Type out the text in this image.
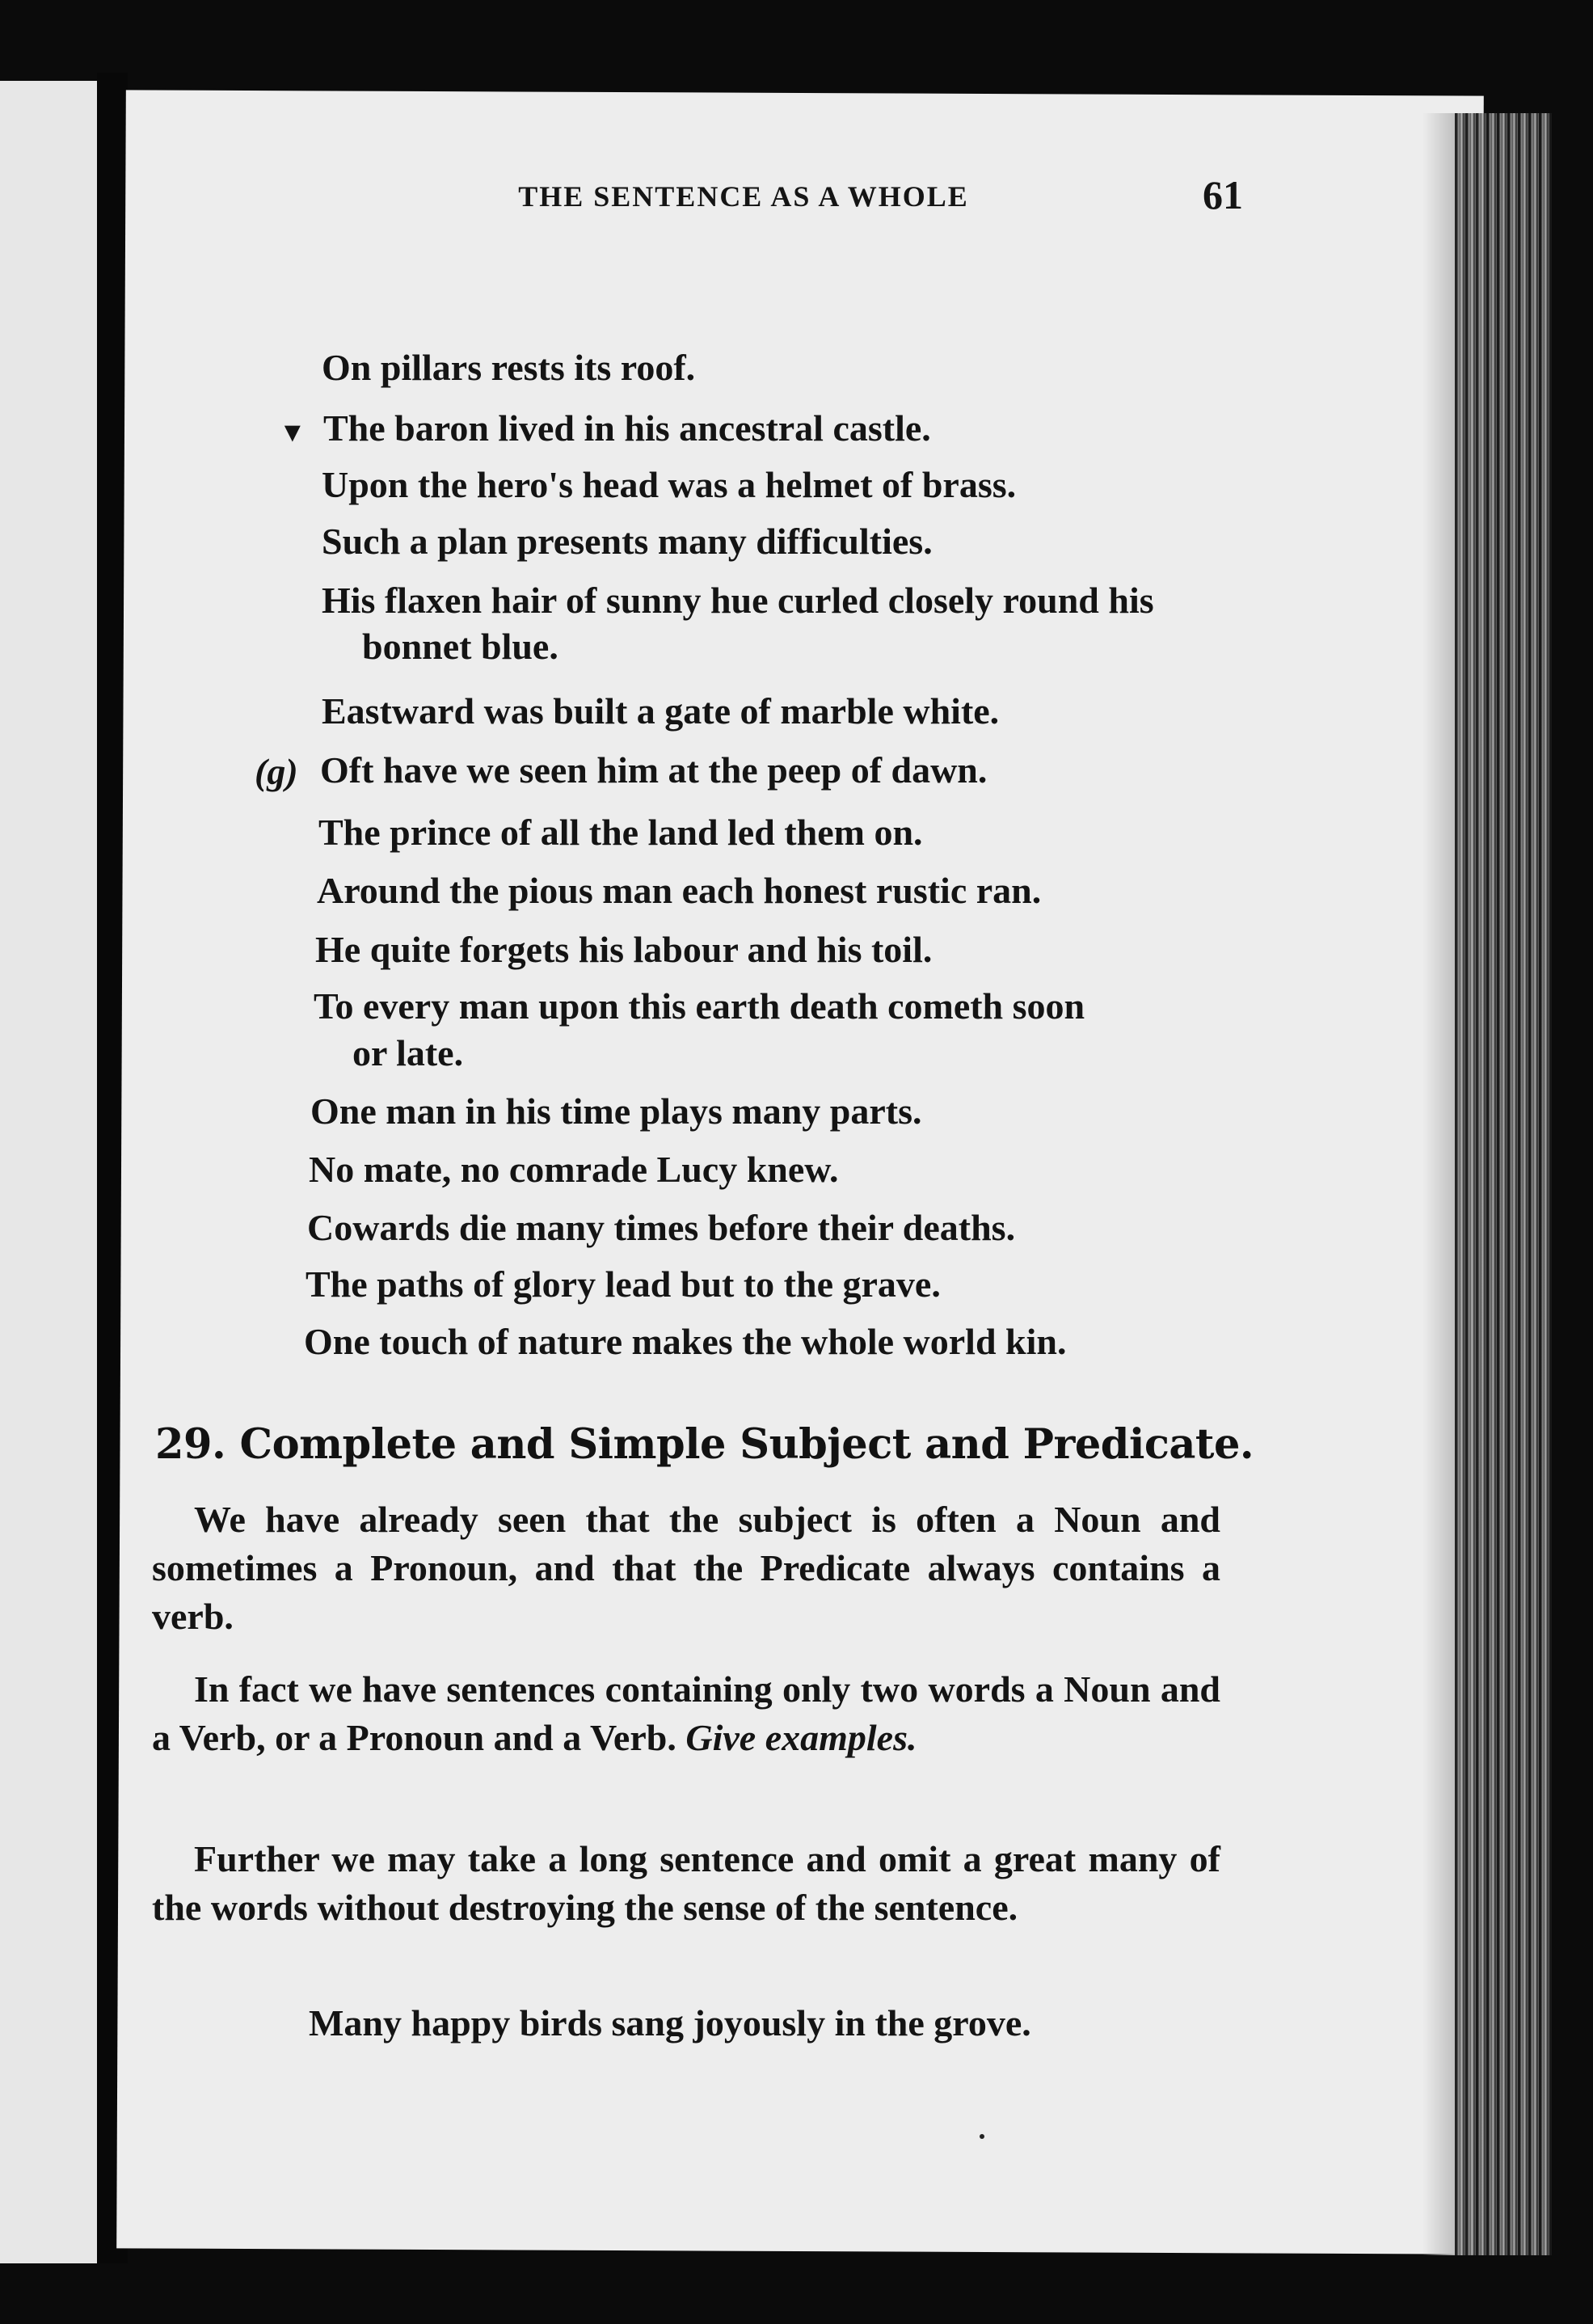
THE SENTENCE AS A WHOLE	61
On pillars rests its roof.
▼ The baron lived in his ancestral castle.
Upon the hero's head was a helmet of brass.
Such a plan presents many difficulties.
His flaxen hair of sunny hue curled closely round his
bonnet blue.
Eastward was built a gate of marble white.
(g) Oft have we seen him at the peep of dawn.
The prince of all the land led them on.
Around the pious man each honest rustic ran.
He quite forgets his labour and his toil.
To every man upon this earth death cometh soon
or late.
One man in his time plays many parts.
No mate, no comrade Lucy knew.
Cowards die many times before their deaths.
The paths of glory lead but to the grave.
One touch of nature makes the whole world kin.
29. Complete and Simple Subject and Predicate.
We have already seen that the subject is often a Noun and sometimes a Pronoun, and that the Predicate always contains a verb.
In fact we have sentences containing only two words a Noun and a Verb, or a Pronoun and a Verb. Give examples.
Further we may take a long sentence and omit a great many of the words without destroying the sense of the sentence.
Many happy birds sang joyously in the grove.
